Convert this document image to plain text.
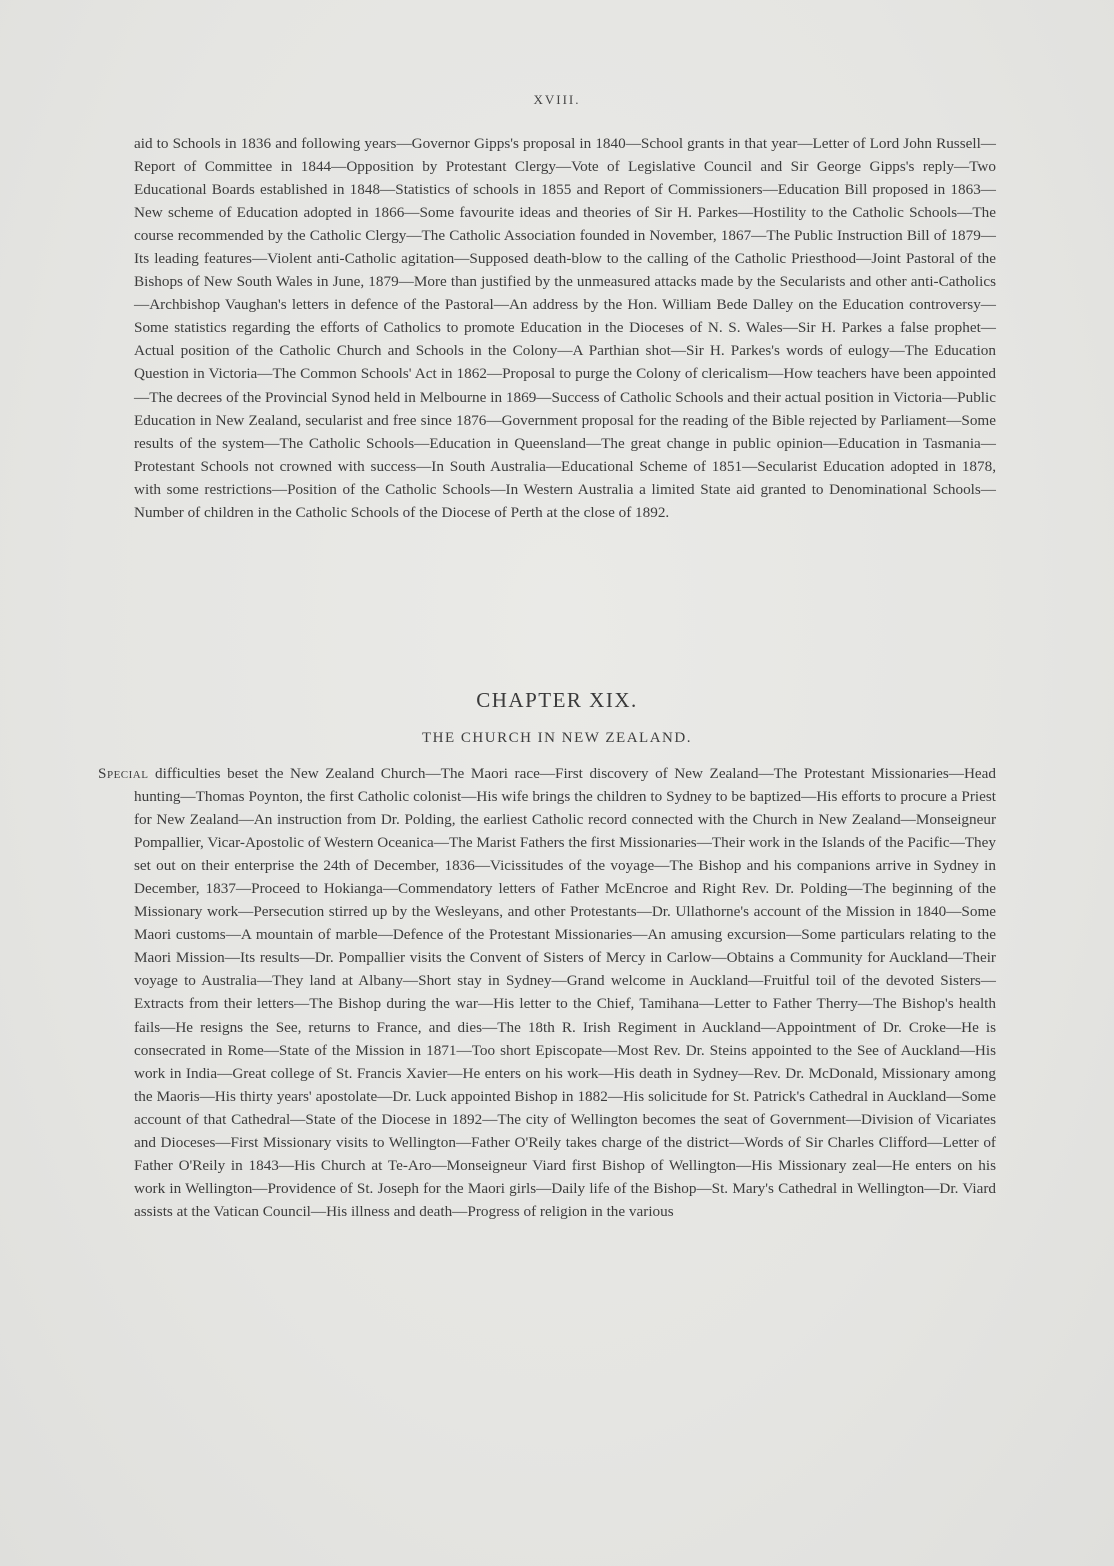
XVIII.

aid to Schools in 1836 and following years—Governor Gipps's proposal in 1840—School grants in that year—Letter of Lord John Russell—Report of Committee in 1844—Opposition by Protestant Clergy—Vote of Legislative Council and Sir George Gipps's reply—Two Educational Boards established in 1848—Statistics of schools in 1855 and Report of Commissioners—Education Bill proposed in 1863—New scheme of Education adopted in 1866—Some favourite ideas and theories of Sir H. Parkes—Hostility to the Catholic Schools—The course recommended by the Catholic Clergy—The Catholic Association founded in November, 1867—The Public Instruction Bill of 1879—Its leading features—Violent anti-Catholic agitation—Supposed death-blow to the calling of the Catholic Priesthood—Joint Pastoral of the Bishops of New South Wales in June, 1879—More than justified by the unmeasured attacks made by the Secularists and other anti-Catholics—Archbishop Vaughan's letters in defence of the Pastoral—An address by the Hon. William Bede Dalley on the Education controversy—Some statistics regarding the efforts of Catholics to promote Education in the Dioceses of N. S. Wales—Sir H. Parkes a false prophet—Actual position of the Catholic Church and Schools in the Colony—A Parthian shot—Sir H. Parkes's words of eulogy—The Education Question in Victoria—The Common Schools' Act in 1862—Proposal to purge the Colony of clericalism—How teachers have been appointed—The decrees of the Provincial Synod held in Melbourne in 1869—Success of Catholic Schools and their actual position in Victoria—Public Education in New Zealand, secularist and free since 1876—Government proposal for the reading of the Bible rejected by Parliament—Some results of the system—The Catholic Schools—Education in Queensland—The great change in public opinion—Education in Tasmania—Protestant Schools not crowned with success—In South Australia—Educational Scheme of 1851—Secularist Education adopted in 1878, with some restrictions—Position of the Catholic Schools—In Western Australia a limited State aid granted to Denominational Schools—Number of children in the Catholic Schools of the Diocese of Perth at the close of 1892.

CHAPTER XIX.
THE CHURCH IN NEW ZEALAND.

Special difficulties beset the New Zealand Church—The Maori race—First discovery of New Zealand—The Protestant Missionaries—Head hunting—Thomas Poynton, the first Catholic colonist—His wife brings the children to Sydney to be baptized—His efforts to procure a Priest for New Zealand—An instruction from Dr. Polding, the earliest Catholic record connected with the Church in New Zealand—Monseigneur Pompallier, Vicar-Apostolic of Western Oceanica—The Marist Fathers the first Missionaries—Their work in the Islands of the Pacific—They set out on their enterprise the 24th of December, 1836—Vicissitudes of the voyage—The Bishop and his companions arrive in Sydney in December, 1837—Proceed to Hokianga—Commendatory letters of Father McEncroe and Right Rev. Dr. Polding—The beginning of the Missionary work—Persecution stirred up by the Wesleyans, and other Protestants—Dr. Ullathorne's account of the Mission in 1840—Some Maori customs—A mountain of marble—Defence of the Protestant Missionaries—An amusing excursion—Some particulars relating to the Maori Mission—Its results—Dr. Pompallier visits the Convent of Sisters of Mercy in Carlow—Obtains a Community for Auckland—Their voyage to Australia—They land at Albany—Short stay in Sydney—Grand welcome in Auckland—Fruitful toil of the devoted Sisters—Extracts from their letters—The Bishop during the war—His letter to the Chief, Tamihana—Letter to Father Therry—The Bishop's health fails—He resigns the See, returns to France, and dies—The 18th R. Irish Regiment in Auckland—Appointment of Dr. Croke—He is consecrated in Rome—State of the Mission in 1871—Too short Episcopate—Most Rev. Dr. Steins appointed to the See of Auckland—His work in India—Great college of St. Francis Xavier—He enters on his work—His death in Sydney—Rev. Dr. McDonald, Missionary among the Maoris—His thirty years' apostolate—Dr. Luck appointed Bishop in 1882—His solicitude for St. Patrick's Cathedral in Auckland—Some account of that Cathedral—State of the Diocese in 1892—The city of Wellington becomes the seat of Government—Division of Vicariates and Dioceses—First Missionary visits to Wellington—Father O'Reily takes charge of the district—Words of Sir Charles Clifford—Letter of Father O'Reily in 1843—His Church at Te-Aro—Monseigneur Viard first Bishop of Wellington—His Missionary zeal—He enters on his work in Wellington—Providence of St. Joseph for the Maori girls—Daily life of the Bishop—St. Mary's Cathedral in Wellington—Dr. Viard assists at the Vatican Council—His illness and death—Progress of religion in the various
